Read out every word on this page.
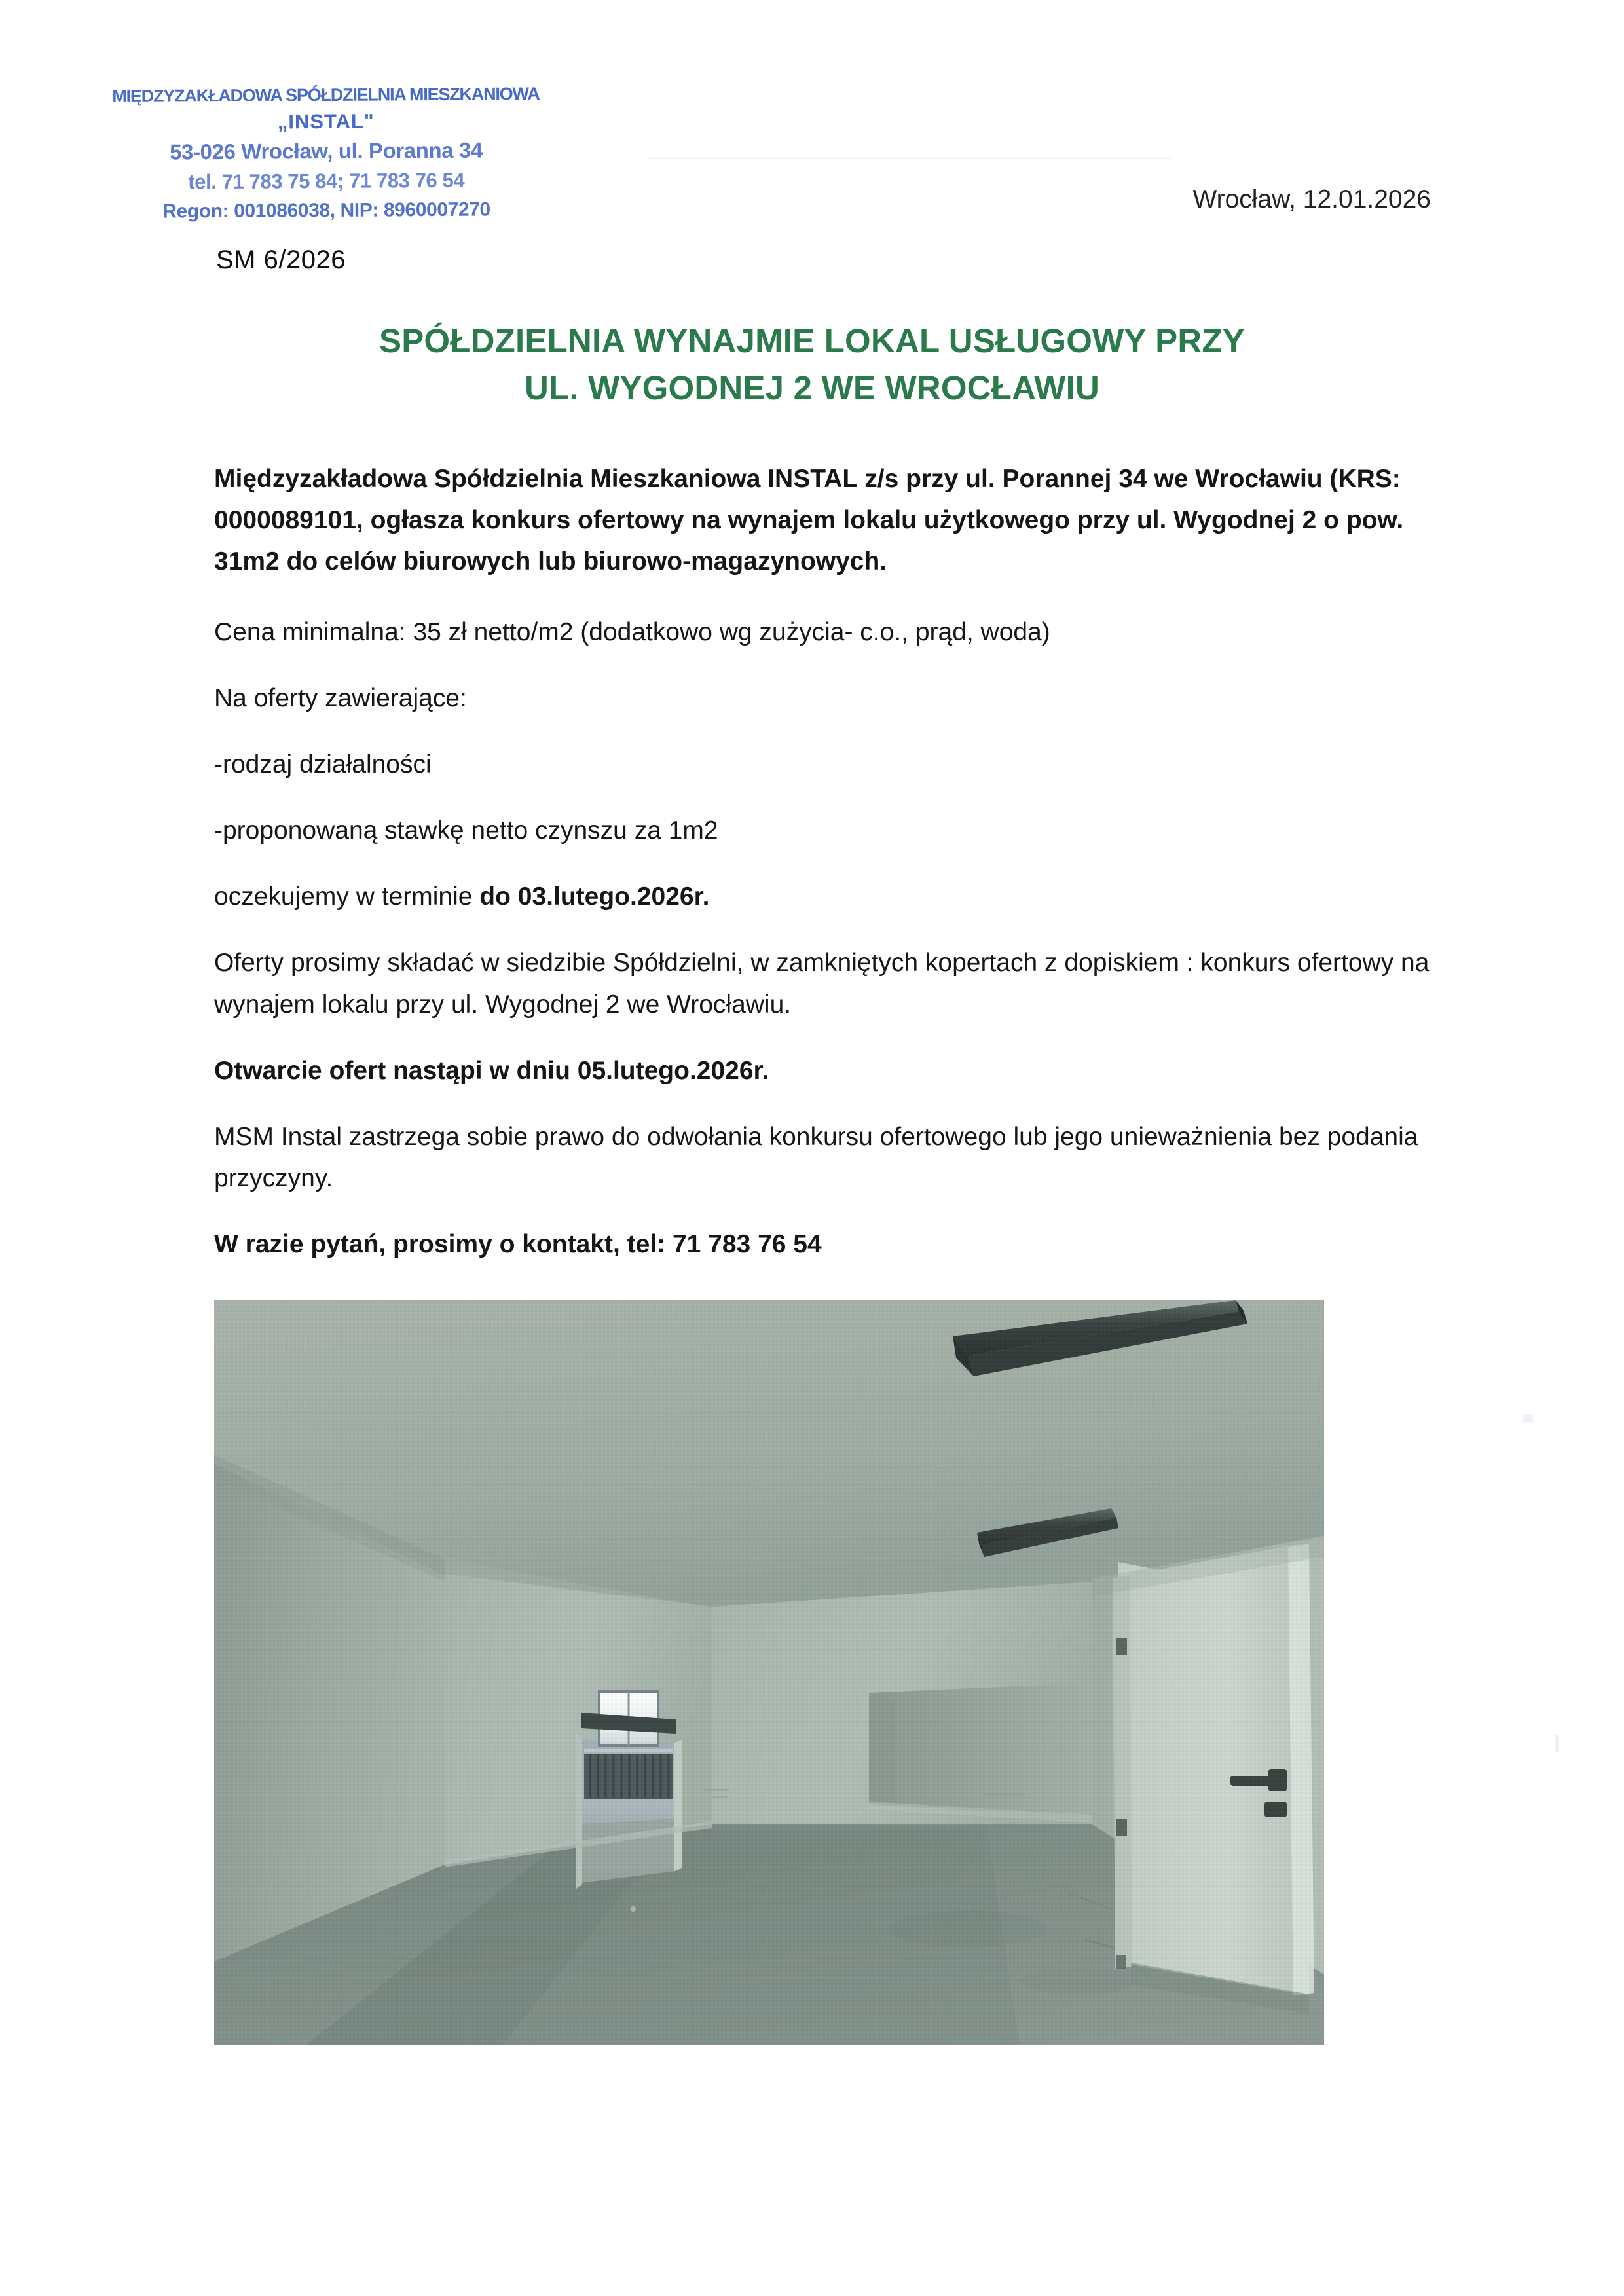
MIĘDZYZAKŁADOWA SPÓŁDZIELNIA MIESZKANIOWA
„INSTAL"
53-026 Wrocław, ul. Poranna 34
tel. 71 783 75 84; 71 783 76 54
Regon: 001086038, NIP: 8960007270	Wrocław, 12.01.2026
SM 6/2026
SPÓŁDZIELNIA WYNAJMIE LOKAL USŁUGOWY PRZY
UL. WYGODNEJ 2 WE WROCŁAWIU

Międzyzakładowa Spółdzielnia Mieszkaniowa INSTAL z/s przy ul. Porannej 34 we Wrocławiu (KRS: 0000089101, ogłasza konkurs ofertowy na wynajem lokalu użytkowego przy ul. Wygodnej 2 o pow. 31m2 do celów biurowych lub biurowo-magazynowych.

Cena minimalna: 35 zł netto/m2 (dodatkowo wg zużycia- c.o., prąd, woda)

Na oferty zawierające:

-rodzaj działalności

-proponowaną stawkę netto czynszu za 1m2

oczekujemy w terminie do 03.lutego.2026r.

Oferty prosimy składać w siedzibie Spółdzielni, w zamkniętych kopertach z dopiskiem : konkurs ofertowy na wynajem lokalu przy ul. Wygodnej 2 we Wrocławiu.

Otwarcie ofert nastąpi w dniu 05.lutego.2026r.

MSM Instal zastrzega sobie prawo do odwołania konkursu ofertowego lub jego unieważnienia bez podania przyczyny.

W razie pytań, prosimy o kontakt, tel: 71 783 76 54
